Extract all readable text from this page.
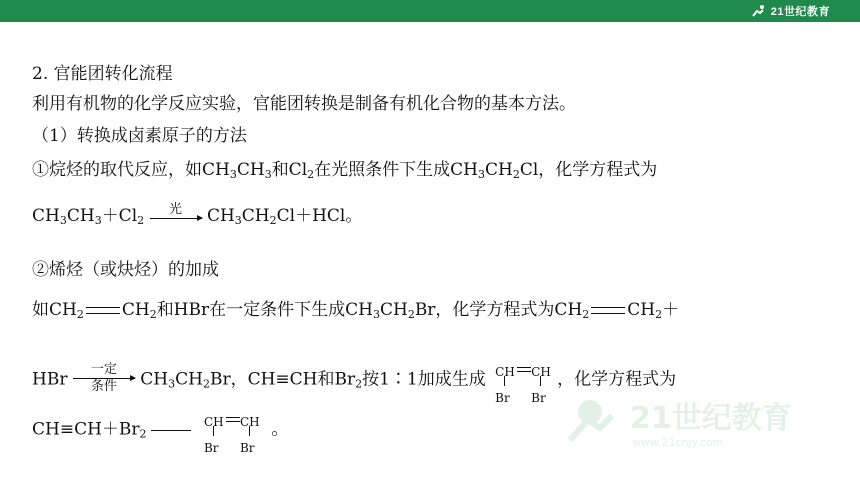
21世纪教育
21世纪教育
www.21cnjy.com
2. 官能团转化流程
利用有机物的化学反应实验，官能团转换是制备有机化合物的基本方法。
（1）转换成卤素原子的方法
①烷烃的取代反应，如$CH_3CH_3$和$Cl_2$在光照条件下生成$CH_3CH_2Cl$，化学方程式为
$CH_3CH_3+Cl_2$
光	$CH_3CH_2Cl+HCl$。
②烯烃（或炔烃）的加成
如$CH_2$ $CH_2$和HBr在一定条件下生成$CH_3CH_2Br$，化学方程式为$CH_2$ $CH_2+$
HBr
一定
条件	$CH_3CH_2Br$，CH≡CH和$Br_2$按1∶1加成生成 CH CH
Br Br
，化学方程式为
$CH\equiv CH+Br_2$
CH CH
Br Br
。
